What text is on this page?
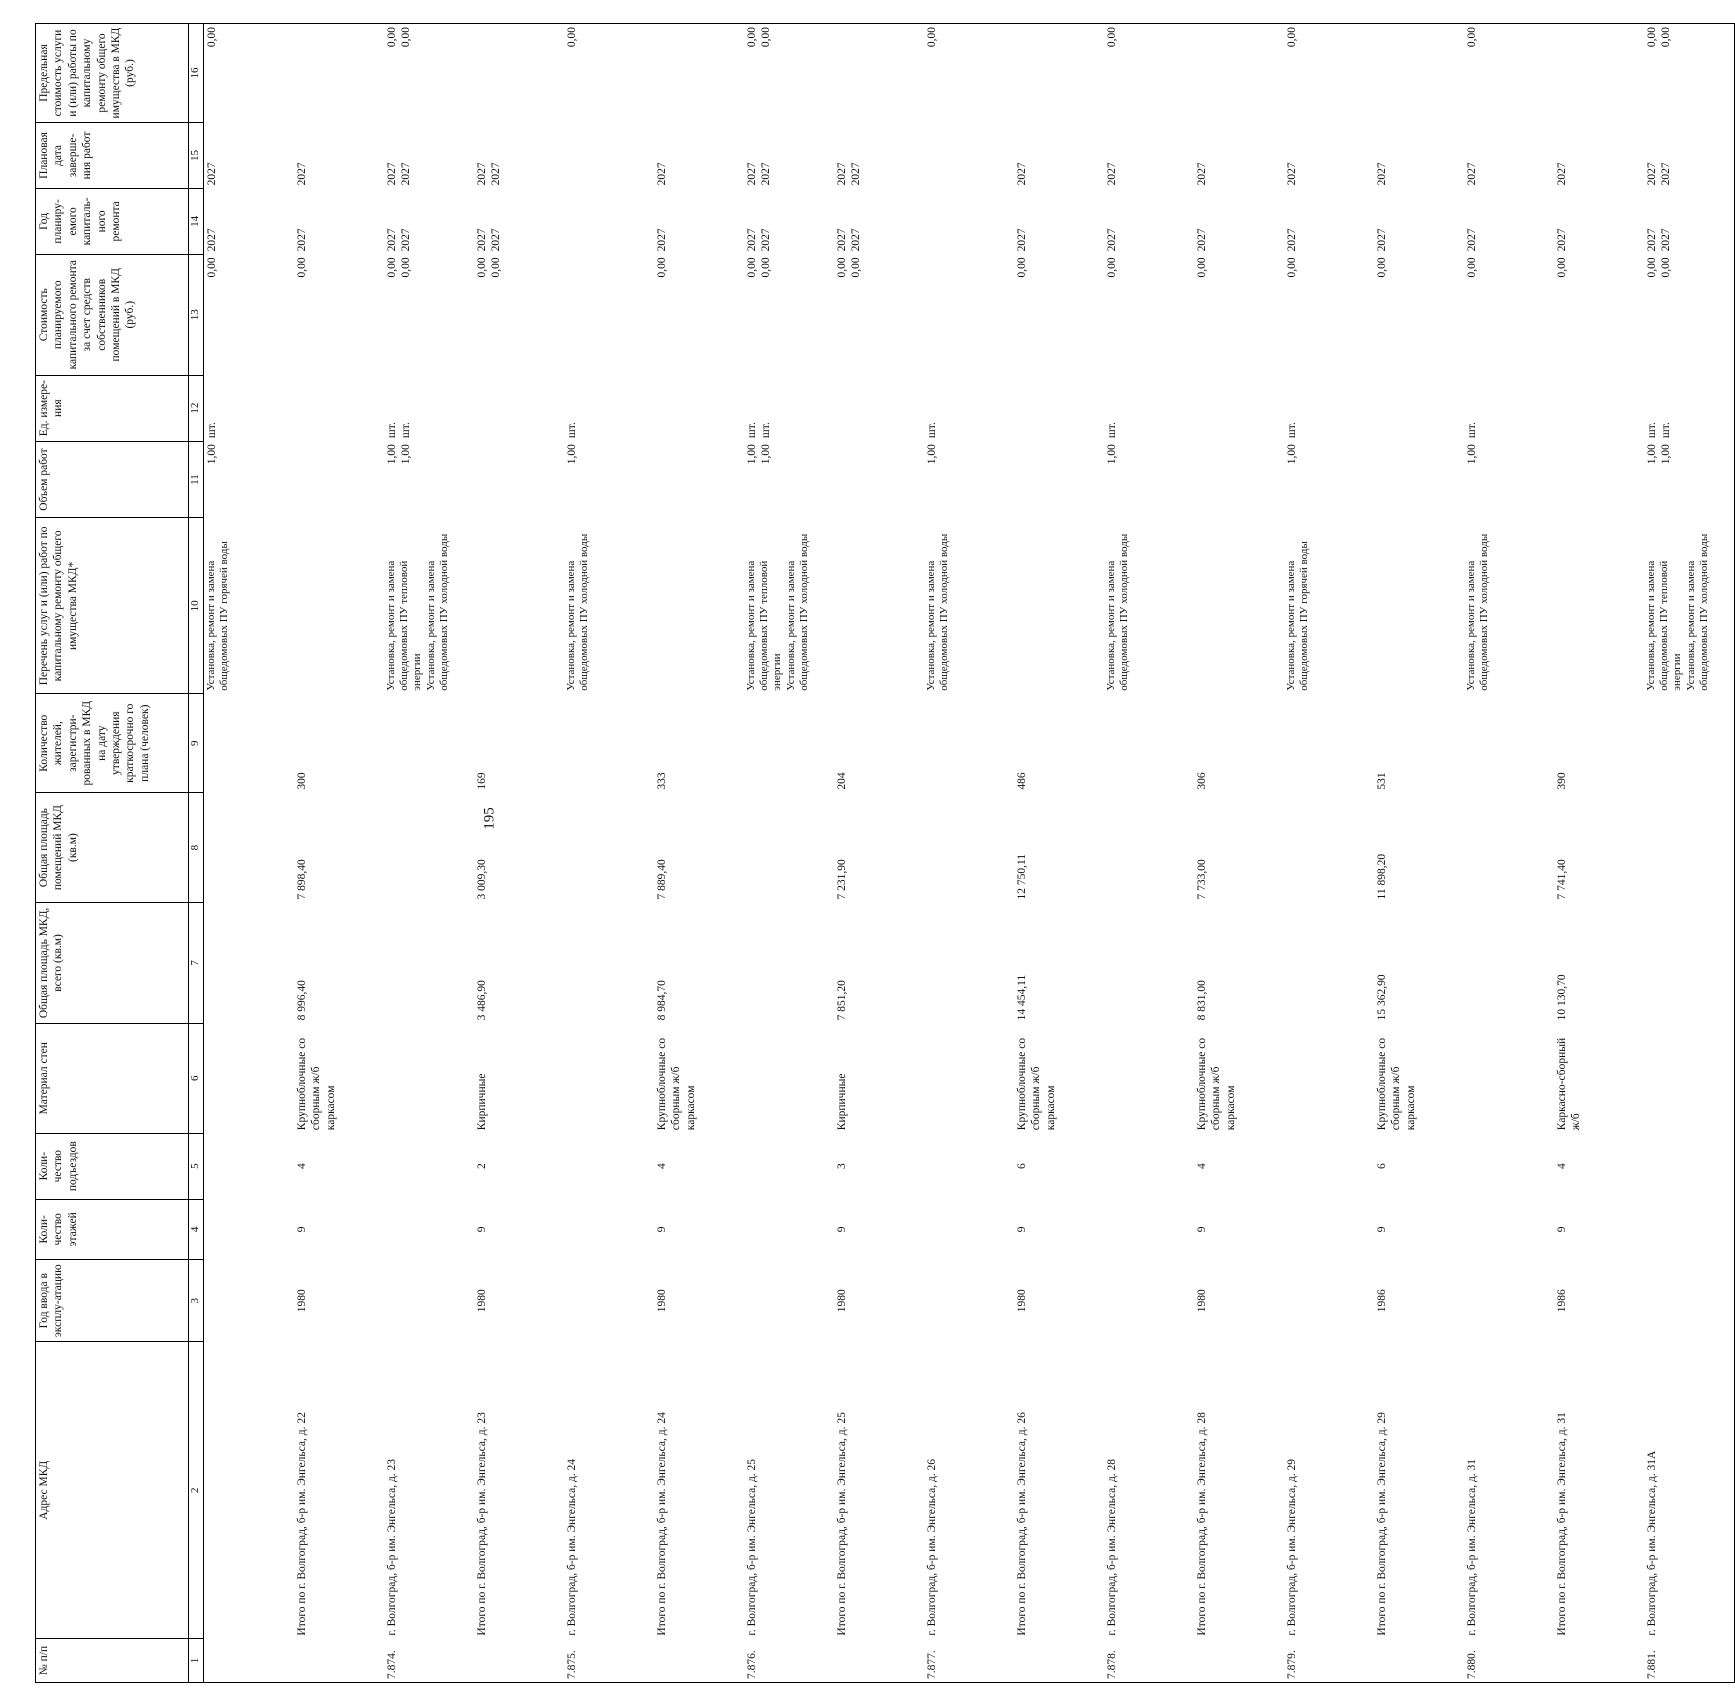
195
№ п/п	Адрес МКД	Год ввода в эксплу-атацию	Коли-чество этажей	Коли-чество подъездов	Материал стен	Общая площадь МКД, всего (кв.м)	Общая площадь помещений МКД (кв.м)	Количество жителей, зарегистри-рованных в МКД на дату утверждения краткосрочно го плана (человек)	Перечень услуг и (или) работ по капитальному ремонту общего имущества МКД*	Объем работ	Ед. измере-ния	Стоимость планируемого капитального ремонта за счет средств собственников помещений в МКД (руб.)	Год планиру-емого капиталь-ного ремонта	Плановая дата заверше-ния работ	Предельная стоимость услуги и (или) работы по капитальному ремонту общего имущества в МКД (руб.)
1	2	3	4	5	6	7	8	9	10	11	12	13	14	15	16
									Установка, ремонт и замена общедомовых ПУ горячей воды	1,00	шт.	0,00	2027	2027	0,00
	Итого по г. Волгоград, б-р им. Энгельса, д. 22	1980	9	4	Крупноблочные со сборным ж/б каркасом	8 996,40	7 898,40	300				0,00	2027	2027	
7.874.	г. Волгоград, б-р им. Энгельса, д. 23								Установка, ремонт и замена общедомовых ПУ тепловой энергии Установка, ремонт и замена общедомовых ПУ холодной воды	1,00 1,00	шт. шт.	0,00 0,00	2027 2027	2027 2027	0,00 0,00

	Итого по г. Волгоград, б-р им. Энгельса, д. 23	1980	9	2	Кирпичные	3 486,90	3 009,30	169				0,00 0,00	2027 2027	2027 2027	

7.875.	г. Волгоград, б-р им. Энгельса, д. 24								Установка, ремонт и замена общедомовых ПУ холодной воды	1,00	шт.				0,00
	Итого по г. Волгоград, б-р им. Энгельса, д. 24	1980	9	4	Крупноблочные со сборным ж/б каркасом	8 984,70	7 889,40	333				0,00	2027	2027	
7.876.	г. Волгоград, б-р им. Энгельса, д. 25								Установка, ремонт и замена общедомовых ПУ тепловой энергии Установка, ремонт и замена общедомовых ПУ холодной воды	1,00 1,00	шт. шт.	0,00 0,00	2027 2027	2027 2027	0,00 0,00

	Итого по г. Волгоград, б-р им. Энгельса, д. 25	1980	9	3	Кирпичные	7 851,20	7 231,90	204				0,00 0,00	2027 2027	2027 2027	

7.877.	г. Волгоград, б-р им. Энгельса, д. 26								Установка, ремонт и замена общедомовых ПУ холодной воды	1,00	шт.				0,00
	Итого по г. Волгоград, б-р им. Энгельса, д. 26	1980	9	6	Крупноблочные со сборным ж/б каркасом	14 454,11	12 750,11	486				0,00	2027	2027	
7.878.	г. Волгоград, б-р им. Энгельса, д. 28								Установка, ремонт и замена общедомовых ПУ холодной воды	1,00	шт.	0,00	2027	2027	0,00
	Итого по г. Волгоград, б-р им. Энгельса, д. 28	1980	9	4	Крупноблочные со сборным ж/б каркасом	8 831,00	7 733,00	306				0,00	2027	2027	
7.879.	г. Волгоград, б-р им. Энгельса, д. 29								Установка, ремонт и замена общедомовых ПУ горячей воды	1,00	шт.	0,00	2027	2027	0,00
	Итого по г. Волгоград, б-р им. Энгельса, д. 29	1986	9	6	Крупноблочные со сборным ж/б каркасом	15 362,90	11 898,20	531				0,00	2027	2027	
7.880.	г. Волгоград, б-р им. Энгельса, д. 31								Установка, ремонт и замена общедомовых ПУ холодной воды	1,00	шт.	0,00	2027	2027	0,00
	Итого по г. Волгоград, б-р им. Энгельса, д. 31	1986	9	4	Каркасно-сборный ж/б	10 130,70	7 741,40	390				0,00	2027	2027	
7.881.	г. Волгоград, б-р им. Энгельса, д. 31А								Установка, ремонт и замена общедомовых ПУ тепловой энергии Установка, ремонт и замена общедомовых ПУ холодной воды	1,00 1,00	шт. шт.	0,00 0,00	2027 2027	2027 2027	0,00 0,00
